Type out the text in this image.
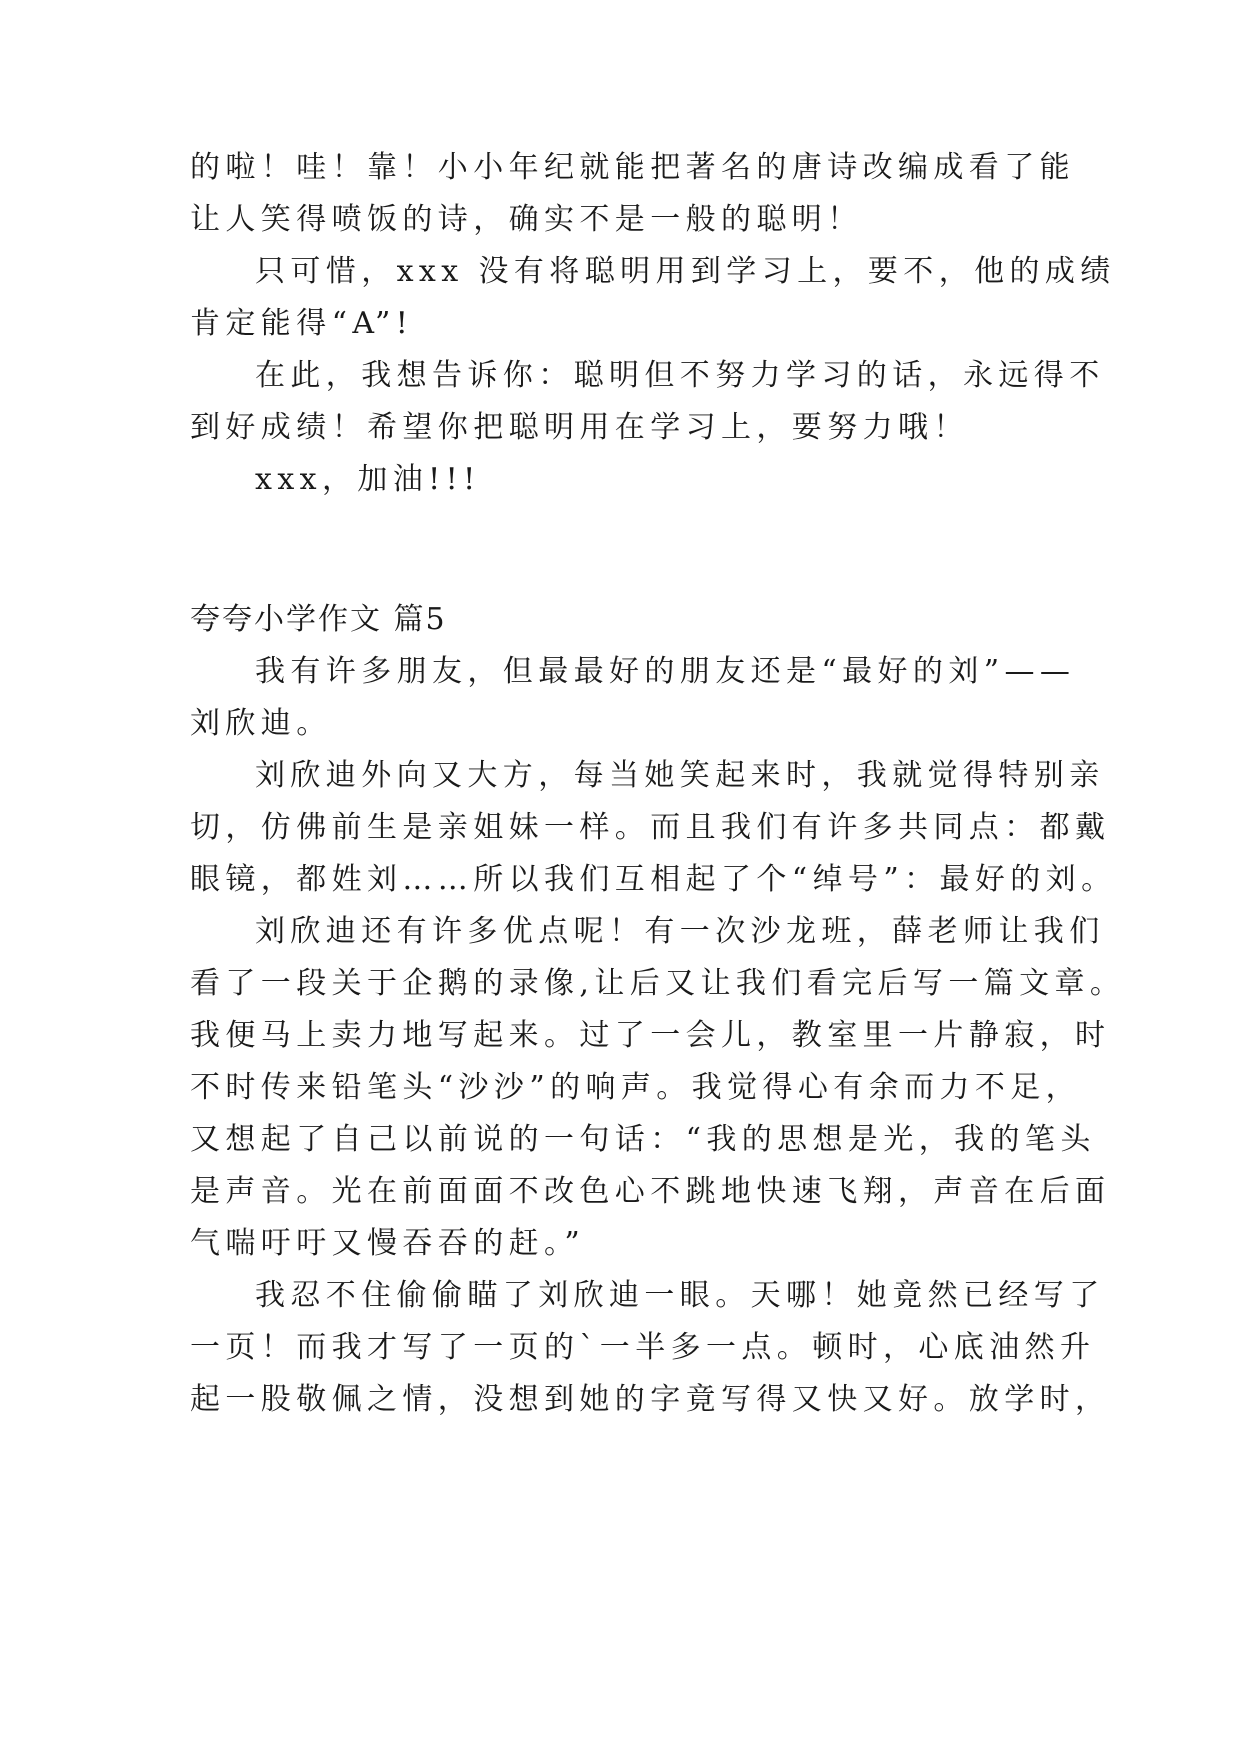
的啦！哇！靠！小小年纪就能把著名的唐诗改编成看了能
让人笑得喷饭的诗，确实不是一般的聪明！
只可惜，xxx 没有将聪明用到学习上，要不，他的成绩
肯定能得“A”!
在此，我想告诉你：聪明但不努力学习的话，永远得不
到好成绩！希望你把聪明用在学习上，要努力哦！
xxx，加油!!!
夸夸小学作文 篇5
我有许多朋友，但最最好的朋友还是“最好的刘”——
刘欣迪。
刘欣迪外向又大方，每当她笑起来时，我就觉得特别亲
切，仿佛前生是亲姐妹一样。而且我们有许多共同点：都戴
眼镜，都姓刘……所以我们互相起了个“绰号”：最好的刘。
刘欣迪还有许多优点呢！有一次沙龙班，薛老师让我们
看了一段关于企鹅的录像,让后又让我们看完后写一篇文章。
我便马上卖力地写起来。过了一会儿，教室里一片静寂，时
不时传来铅笔头“沙沙”的响声。我觉得心有余而力不足，
又想起了自己以前说的一句话：“我的思想是光，我的笔头
是声音。光在前面面不改色心不跳地快速飞翔，声音在后面
气喘吁吁又慢吞吞的赶。”
我忍不住偷偷瞄了刘欣迪一眼。天哪！她竟然已经写了
一页！而我才写了一页的`一半多一点。顿时，心底油然升
起一股敬佩之情，没想到她的字竟写得又快又好。放学时，
